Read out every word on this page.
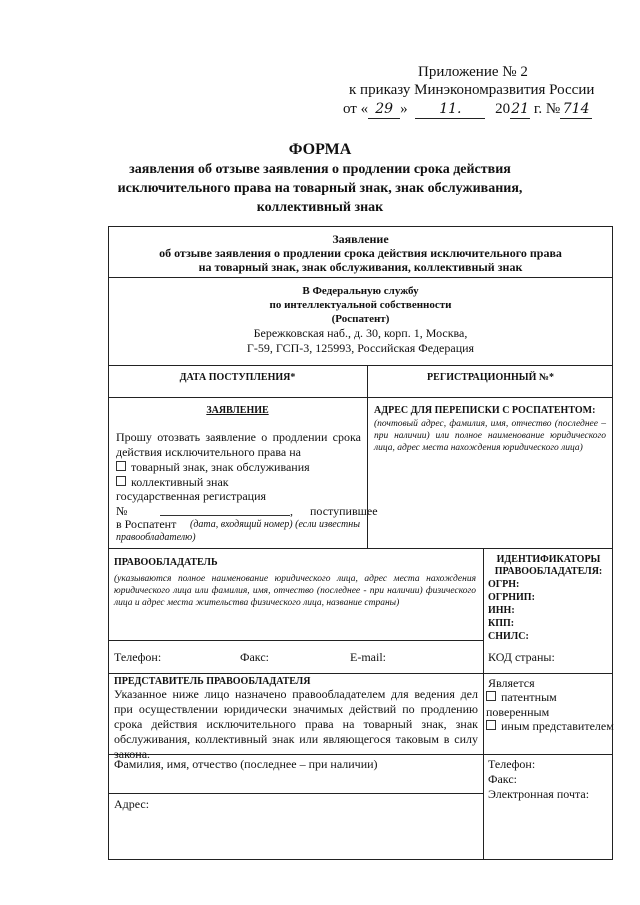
Приложение № 2
к приказу Минэкономразвития России
от « 29 » 11. 2021 г. № 714
ФОРМА
заявления об отзыве заявления о продлении срока действия
исключительного права на товарный знак, знак обслуживания,
коллективный знак
Заявление
об отзыве заявления о продлении срока действия исключительного права
на товарный знак, знак обслуживания, коллективный знак
В Федеральную службу
по интеллектуальной собственности
(Роспатент)
Бережковская наб., д. 30, корп. 1, Москва,
Г-59, ГСП-3, 125993, Российская Федерация
ДАТА ПОСТУПЛЕНИЯ*	РЕГИСТРАЦИОННЫЙ №*
ЗАЯВЛЕНИЕ
Прошу отозвать заявление о продлении срока действия исключительного права на
товарный знак, знак обслуживания
коллективный знак
государственная регистрация
№	, поступившее
в Роспатент (дата, входящий номер) (если известны
правообладателю)
АДРЕС ДЛЯ ПЕРЕПИСКИ С РОСПАТЕНТОМ:
(почтовый адрес, фамилия, имя, отчество (последнее – при наличии) или полное наименование юридического лица, адрес места нахождения юридического лица)
ПРАВООБЛАДАТЕЛЬ
(указываются полное наименование юридического лица, адрес места нахождения юридического лица или фамилия, имя, отчество (последнее - при наличии) физического лица и адрес места жительства физического лица, название страны)
Телефон:	Факс:	E-mail:
ИДЕНТИФИКАТОРЫ
ПРАВООБЛАДАТЕЛЯ:
ОГРН:
ОГРНИП:
ИНН:
КПП:
СНИЛС:
КОД страны:
ПРЕДСТАВИТЕЛЬ ПРАВООБЛАДАТЕЛЯ
Указанное ниже лицо назначено правообладателем для ведения дел при осуществлении юридически значимых действий по продлению срока действия исключительного права на товарный знак, знак обслуживания, коллективный знак или являющегося таковым в силу закона.
Является
патентным поверенным
иным представителем
Фамилия, имя, отчество (последнее – при наличии)
Адрес:
Телефон:
Факс:
Электронная почта:
